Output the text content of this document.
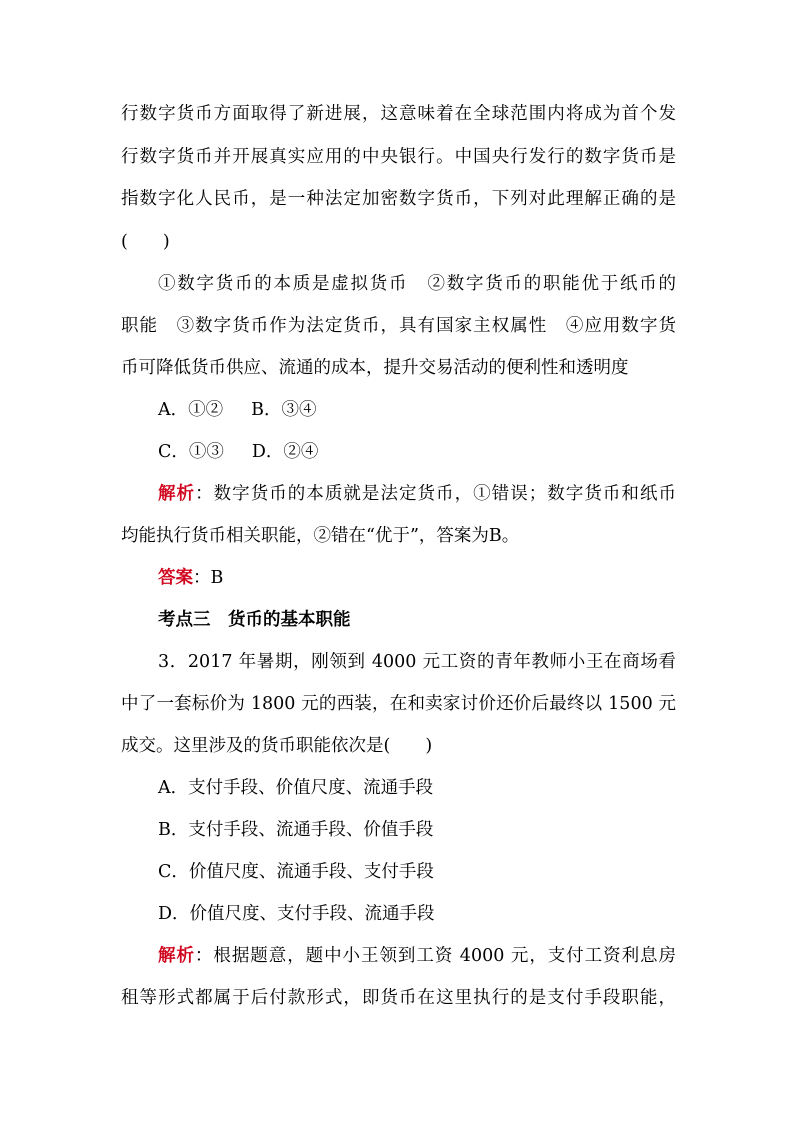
行数字货币方面取得了新进展，这意味着在全球范围内将成为首个发
行数字货币并开展真实应用的中央银行。中国央行发行的数字货币是
指数字化人民币，是一种法定加密数字货币，下列对此理解正确的是
(　　)
①数字货币的本质是虚拟货币　②数字货币的职能优于纸币的
职能　③数字货币作为法定货币，具有国家主权属性　④应用数字货
币可降低货币供应、流通的成本，提升交易活动的便利性和透明度
A．①② B．③④
C．①③ D．②④
解析：数字货币的本质就是法定货币，①错误；数字货币和纸币
均能执行货币相关职能，②错在“优于”，答案为B。
答案：B
考点三　货币的基本职能
3．2017 年暑期，刚领到 4000 元工资的青年教师小王在商场看
中了一套标价为 1800 元的西装，在和卖家讨价还价后最终以 1500 元
成交。这里涉及的货币职能依次是(　　)
A．支付手段、价值尺度、流通手段
B．支付手段、流通手段、价值手段
C．价值尺度、流通手段、支付手段
D．价值尺度、支付手段、流通手段
解析：根据题意，题中小王领到工资 4000 元，支付工资利息房
租等形式都属于后付款形式，即货币在这里执行的是支付手段职能，
